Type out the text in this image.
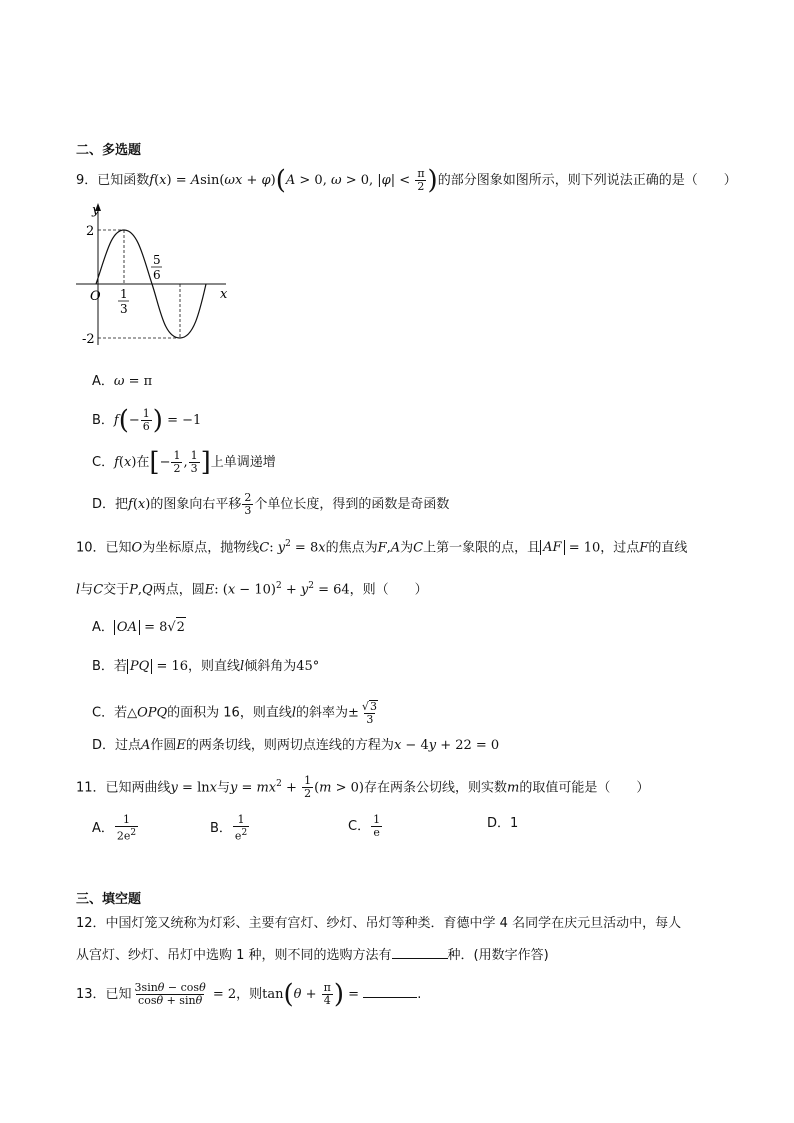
二、多选题
9．已知函数f(x) = Asin(ωx + φ)(A > 0, ω > 0, $|\varphi| < \frac{\pi}{2}$ )的部分图象如图所示，则下列说法正确的是（　　）
y
x
O
2
-2
1
3
5
6
A．ω = π
B．$f(- \frac{1}{6}$ ) = −1
C．f(x)在[− $\frac{1}{2}$ , $\frac{1}{3}$ ]上单调递增
D．把f(x)的图象向右平移 $\frac{2}{3}$ 个单位长度，得到的函数是奇函数
10．已知O为坐标原点，抛物线C: $y^2 = 8x$的焦点为F,A为C上第一象限的点，且 AF = 10，过点F的直线
l与C交于P,Q两点，圆E: $(x - 10)^2 + y^2 = 64$，则（　　）
A． OA = 8√2
B．若 PQ = 16，则直线l倾斜角为45°
C．若△OPQ的面积为 16，则直线l的斜率为± $\frac{√3}{3}$
D．过点A作圆E的两条切线，则两切点连线的方程为x − 4y + 22 = 0
11．已知两曲线y = lnx与$y = mx^2 + \frac{1}{2} (m > 0)$存在两条公切线，则实数m的取值可能是（　　）
A． $\frac{1}{2e^2}$	B． $\frac{1}{e^2}$	C． $\frac{1}{e}$	D．1
三、填空题
12．中国灯笼又统称为灯彩、主要有宫灯、纱灯、吊灯等种类．育德中学 4 名同学在庆元旦活动中，每人
从宫灯、纱灯、吊灯中选购 1 种，则不同的选购方法有	种．(用数字作答)
13．已知 $\frac{3\sin\theta - \cos\theta}{\cos\theta + \sin\theta} = 2$，则$\tan(\theta + \frac{\pi}{4}$ ) =	.
